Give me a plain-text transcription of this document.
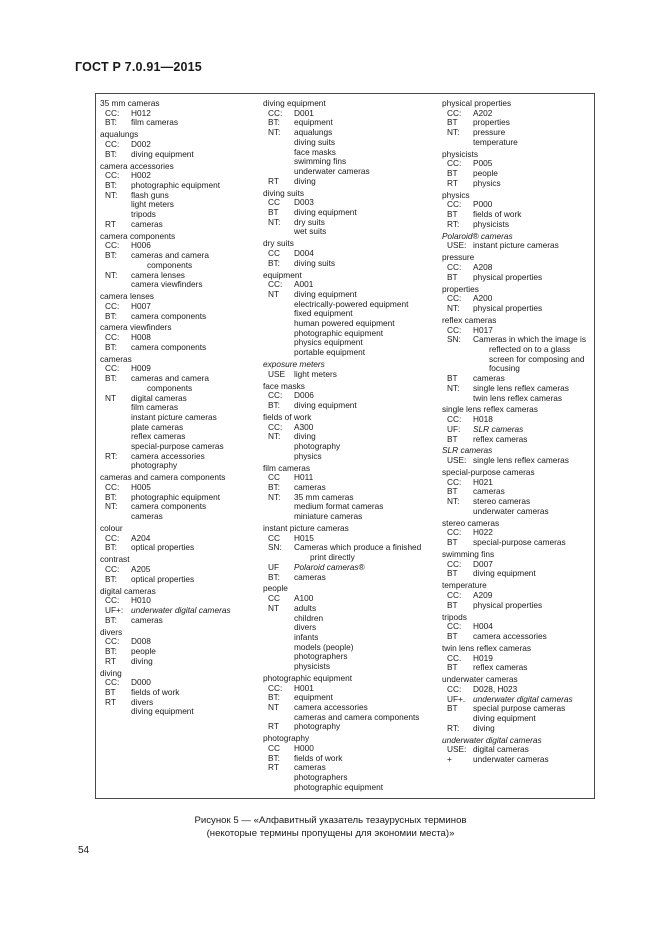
ГОСТ Р 7.0.91—2015
35 mm cameras
CC: H012
BT: film cameras
aqualungs
CC: D002
BT: diving equipment
camera accessories
CC: H002
BT: photographic equipment
NT: flash guns
light meters
tripods
RT cameras
camera components
CC: H006
BT: cameras and camera
components
NT: camera lenses
camera viewfinders
camera lenses
CC: H007
BT: camera components
camera viewfinders
CC: H008
BT: camera components
cameras
CC: H009
BT: cameras and camera
components
NT digital cameras
film cameras
instant picture cameras
plate cameras
reflex cameras
special-purpose cameras
RT: camera accessories
photography
cameras and camera components
CC: H005
BT: photographic equipment
NT: camera components
cameras
colour
CC: A204
BT: optical properties
contrast
CC: A205
BT: optical properties
digital cameras
CC: H010
UF+: underwater digital cameras
BT: cameras
divers
CC: D008
BT: people
RT diving
diving
CC: D000
BT fields of work
RT divers
diving equipment
diving equipment
CC: D001
BT: equipment
NT: aqualungs
diving suits
face masks
swimming fins
underwater cameras
RT diving
diving suits
CC D003
BT diving equipment
NT: dry suits
wet suits
dry suits
CC D004
BT: diving suits
equipment
CC: A001
NT diving equipment
electrically-powered equipment
fixed equipment
human powered equipment
photographic equipment
physics equipment
portable equipment
exposure meters
USE light meters
face masks
CC: D006
BT: diving equipment
fields of work
CC: A300
NT: diving
photography
physics
film cameras
CC H011
BT: cameras
NT: 35 mm cameras
medium format cameras
miniature cameras
instant picture cameras
CC H015
SN: Cameras which produce a finished
print directly
UF Polaroid cameras®
BT: cameras
people
CC A100
NT adults
children
divers
infants
models (people)
photographers
physicists
photographic equipment
CC: H001
BT: equipment
NT camera accessories
cameras and camera components
RT photography
photography
CC H000
BT: fields of work
RT cameras
photographers
photographic equipment
physical properties
CC: A202
BT properties
NT: pressure
temperature
physicists
CC: P005
BT people
RT physics
physics
CC: P000
BT fields of work
RT: physicists
Polaroid® cameras
USE: instant picture cameras
pressure
CC: A208
BT physical properties
properties
CC: A200
NT: physical properties
reflex cameras
CC: H017
SN: Cameras in which the image is
reflected on to a glass
screen for composing and
focusing
BT cameras
NT: single lens reflex cameras
twin lens reflex cameras
single lens reflex cameras
CC: H018
UF: SLR cameras
BT reflex cameras
SLR cameras
USE: single lens reflex cameras
special-purpose cameras
CC: H021
BT cameras
NT: stereo cameras
underwater cameras
stereo cameras
CC: H022
BT special-purpose cameras
swimming fins
CC: D007
BT diving equipment
temperature
CC: A209
BT physical properties
tripods
CC: H004
BT camera accessories
twin lens reflex cameras
CC. H019
BT reflex cameras
underwater cameras
CC: D028, H023
UF+. underwater digital cameras
BT special purpose cameras
diving equipment
RT: diving
underwater digital cameras
USE: digital cameras
+	underwater cameras
Рисунок 5 — «Алфавитный указатель тезаурусных терминов
(некоторые термины пропущены для экономии места)»
54
